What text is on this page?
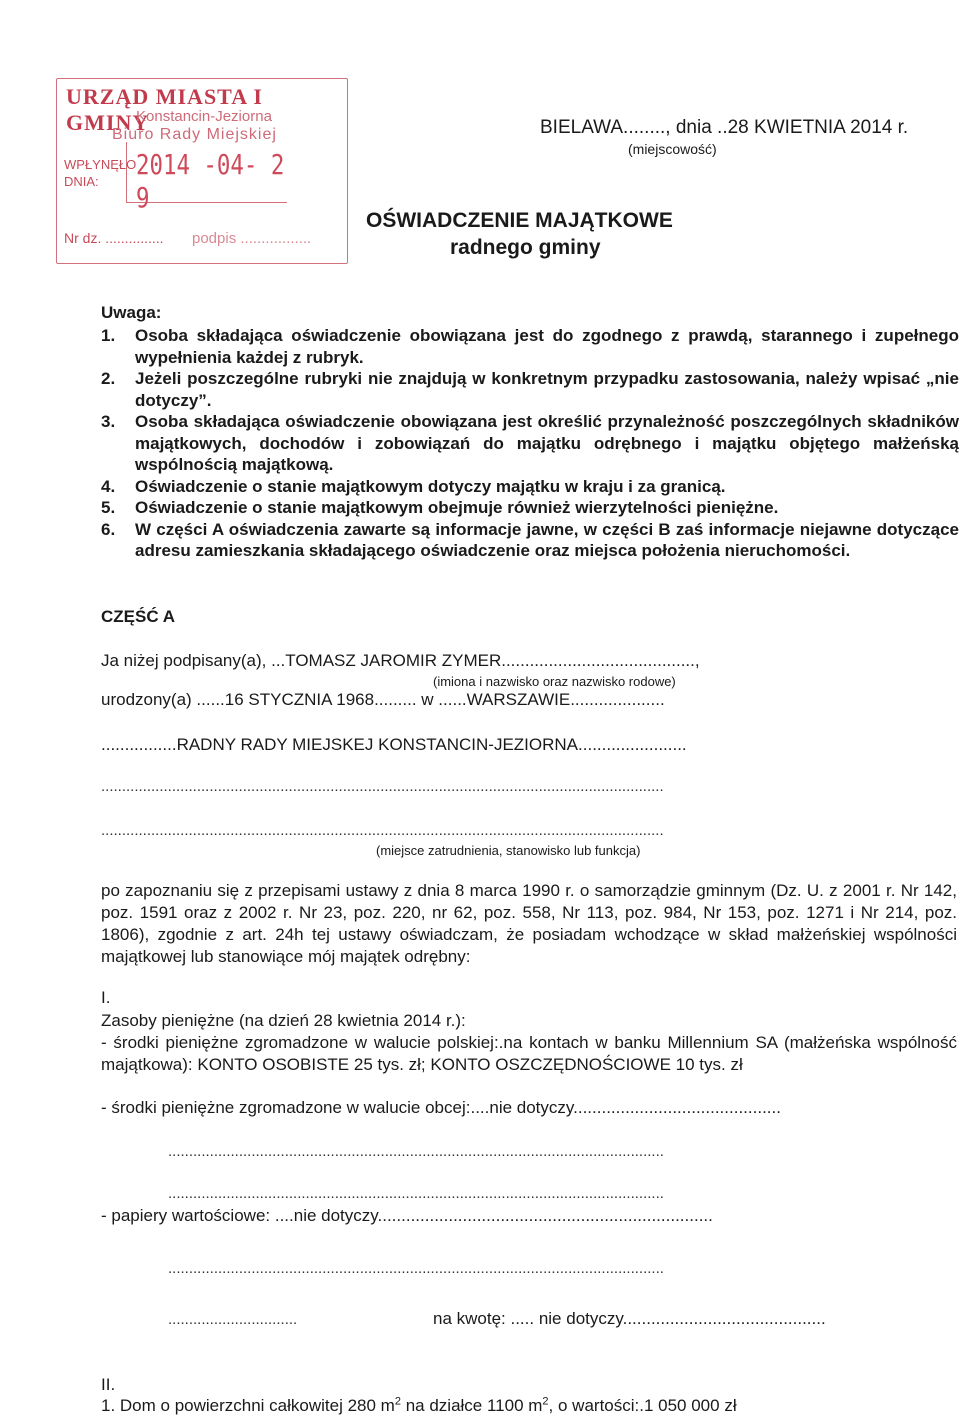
URZĄD MIASTA I GMINY
Konstancin-Jeziorna
Biuro Rady Miejskiej
WPŁYNĘŁO
DNIA:
2014 -04- 2 9
Nr dz. ............... podpis .................
BIELAWA........, dnia ..28 KWIETNIA 2014 r.
(miejscowość)
OŚWIADCZENIE MAJĄTKOWE
radnego gminy
Uwaga:
1. Osoba składająca oświadczenie obowiązana jest do zgodnego z prawdą, starannego i zupełnego wypełnienia każdej z rubryk.
2. Jeżeli poszczególne rubryki nie znajdują w konkretnym przypadku zastosowania, należy wpisać „nie dotyczy”.
3. Osoba składająca oświadczenie obowiązana jest określić przynależność poszczególnych składników majątkowych, dochodów i zobowiązań do majątku odrębnego i majątku objętego małżeńską wspólnością majątkową.
4. Oświadczenie o stanie majątkowym dotyczy majątku w kraju i za granicą.
5. Oświadczenie o stanie majątkowym obejmuje również wierzytelności pieniężne.
6. W części A oświadczenia zawarte są informacje jawne, w części B zaś informacje niejawne dotyczące adresu zamieszkania składającego oświadczenie oraz miejsca położenia nieruchomości.
CZĘŚĆ A
Ja niżej podpisany(a), ...TOMASZ JAROMIR ZYMER.........................................,
(imiona i nazwisko oraz nazwisko rodowe)
urodzony(a) ......16 STYCZNIA 1968......... w ......WARSZAWIE....................
................RADNY RADY MIEJSKEJ KONSTANCIN-JEZIORNA.......................
.......................................................................................................................................
.......................................................................................................................................
(miejsce zatrudnienia, stanowisko lub funkcja)

po zapoznaniu się z przepisami ustawy z dnia 8 marca 1990 r. o samorządzie gminnym (Dz. U. z 2001 r. Nr 142, poz. 1591 oraz z 2002 r. Nr 23, poz. 220, nr 62, poz. 558, Nr 113, poz. 984, Nr 153, poz. 1271 i Nr 214, poz. 1806), zgodnie z art. 24h tej ustawy oświadczam, że posiadam wchodzące w skład małżeńskiej wspólności majątkowej lub stanowiące mój majątek odrębny:

I.
Zasoby pieniężne (na dzień 28 kwietnia 2014 r.):

- środki pieniężne zgromadzone w walucie polskiej:.na kontach w banku Millennium SA (małżeńska wspólność majątkowa): KONTO OSOBISTE 25 tys. zł; KONTO OSZCZĘDNOŚCIOWE 10 tys. zł

- środki pieniężne zgromadzone w walucie obcej:....nie dotyczy............................................
.......................................................................................................................
.......................................................................................................................
- papiery wartościowe: ....nie dotyczy.......................................................................
.......................................................................................................................
...............................	na kwotę: ..... nie dotyczy...........................................
II.
1. Dom o powierzchni całkowitej 280 $m^2$ na działce 1100 $m^2$, o wartości:.1 050 000 zł
